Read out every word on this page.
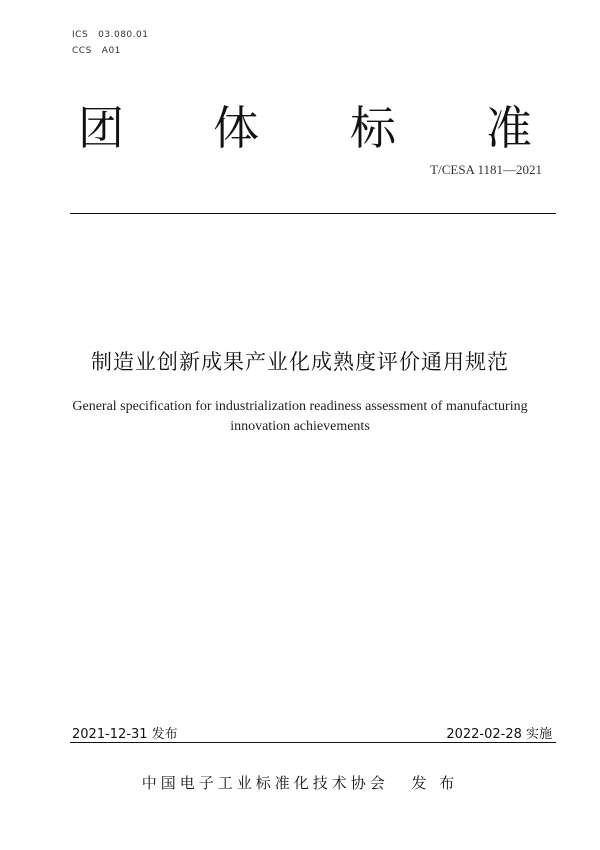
ICS 03.080.01
CCS A01
团 体 标 准
T/CESA 1181—2021
制造业创新成果产业化成熟度评价通用规范
General specification for industrialization readiness assessment of manufacturing innovation achievements
2021-12-31 发布	2022-02-28 实施
中国电子工业标准化技术协会 发 布
